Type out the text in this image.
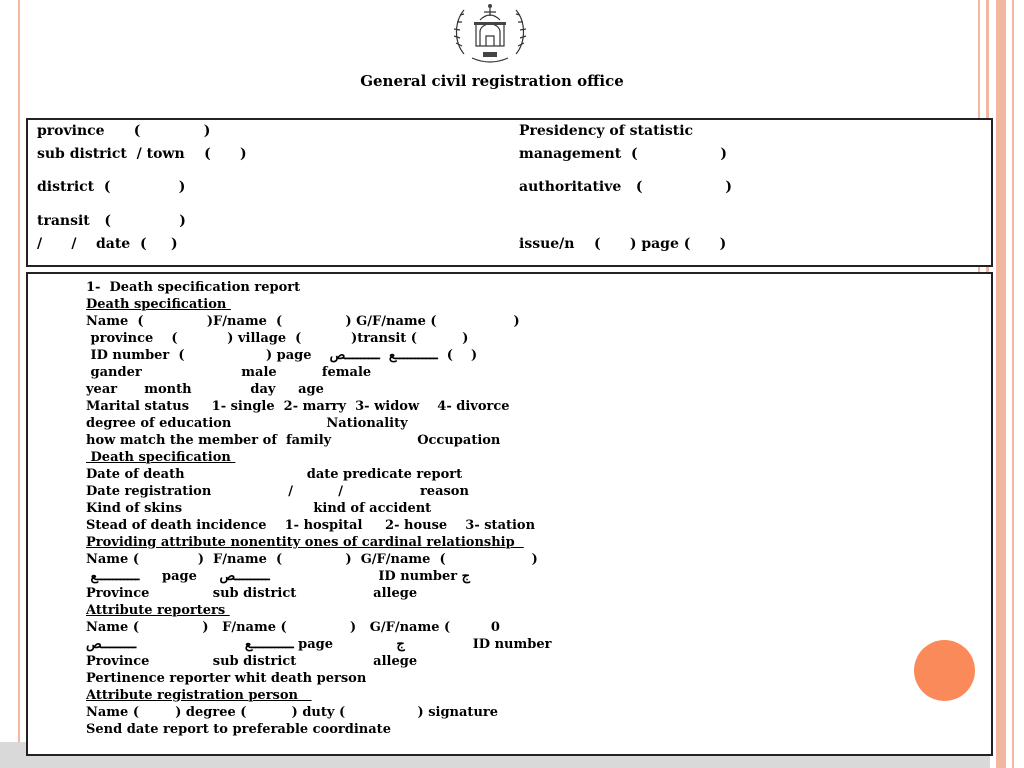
General civil registration office
province      (             )
sub district  / town    (      )
district  (              )
transit   (              )
/      /    date  (     )
Presidency of statistic
management  (                 )
authoritative   (                 )
issue/n    (      ) page (      )
1-  Death specification report
Death specification
Name  (              )F/name  (              ) G/F/name (                 )
province    (           ) village  (           )transit (          )
ID number  (                  ) page    ـــــــــــع  ـــــــــص  (    )
gander                      male          female
year      month             day     age
Marital status     1- single  2- marry  3- widow    4- divorce
degree of education                     Nationality
how match the member of  family                   Occupation
Death specification
Date of death                           date predicate report
Date registration                 /          /                 reason
Kind of skins                             kind of accident
Stead of death incidence    1- hospital     2- house    3- station
Providing attribute nonentity ones of cardinal relationship
Name (             )  F/name  (              )  G/F/name  (                   )
ـــــــــــع     page     ـــــــــص                        ID number ج
Province              sub district                 allege
Attribute reporters
Name (              )   F/name (              )   G/F/name (         0
ـــــــــــع                        ـــــــــص page              ج               ID number
Province              sub district                 allege
Pertinence reporter whit death person
Attribute registration person
Name (        ) degree (          ) duty (                ) signature
Send date report to preferable coordinate
